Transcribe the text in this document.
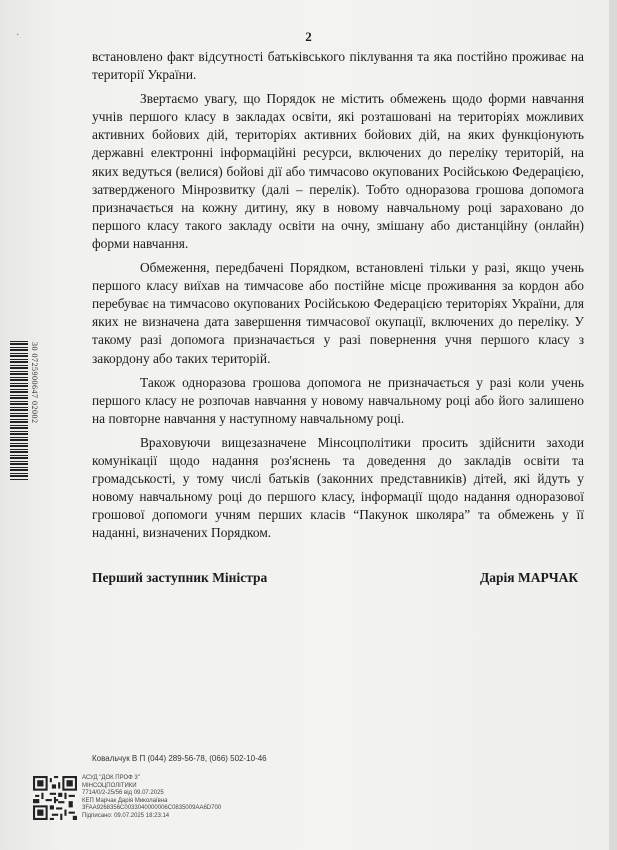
·	2

встановлено факт відсутності батьківського піклування та яка постійно проживає на території України.

Звертаємо увагу, що Порядок не містить обмежень щодо форми навчання учнів першого класу в закладах освіти, які розташовані на територіях можливих активних бойових дій, територіях активних бойових дій, на яких функціонують державні електронні інформаційні ресурси, включених до переліку територій, на яких ведуться (велися) бойові дії або тимчасово окупованих Російською Федерацією, затвердженого Мінрозвитку (далі – перелік). Тобто одноразова грошова допомога призначається на кожну дитину, яку в новому навчальному році зараховано до першого класу такого закладу освіти на очну, змішану або дистанційну (онлайн) форми навчання.

Обмеження, передбачені Порядком, встановлені тільки у разі, якщо учень першого класу виїхав на тимчасове або постійне місце проживання за кордон або перебуває на тимчасово окупованих Російською Федерацією територіях України, для яких не визначена дата завершення тимчасової окупації, включених до переліку. У такому разі допомога призначається у разі повернення учня першого класу з закордону або таких територій.

Також одноразова грошова допомога не призначається у разі коли учень першого класу не розпочав навчання у новому навчальному році або його залишено на повторне навчання у наступному навчальному році.

Враховуючи вищезазначене Мінсоцполітики просить здійснити заходи комунікації щодо надання роз'яснень та доведення до закладів освіти та громадськості, у тому числі батьків (законних представників) дітей, які йдуть у новому навчальному році до першого класу, інформації щодо надання одноразової грошової допомоги учням перших класів “Пакунок школяра” та обмежень у її наданні, визначених Порядком.

Перший заступник Міністра	Дарія МАРЧАК
30 0725900647 02002
Ковальчук В П (044) 289-56-78, (066) 502-10-46
АСУД "ДОК ПРОФ 3"
МІНСОЦПОЛІТИКИ
7714/0/2-25/56 від 09.07.2025
КЕП Марчак Дарія Миколаївна
3FAA9268356C0033040000006C0835009AA6D700
Підписано: 09.07.2025 18:23:14
